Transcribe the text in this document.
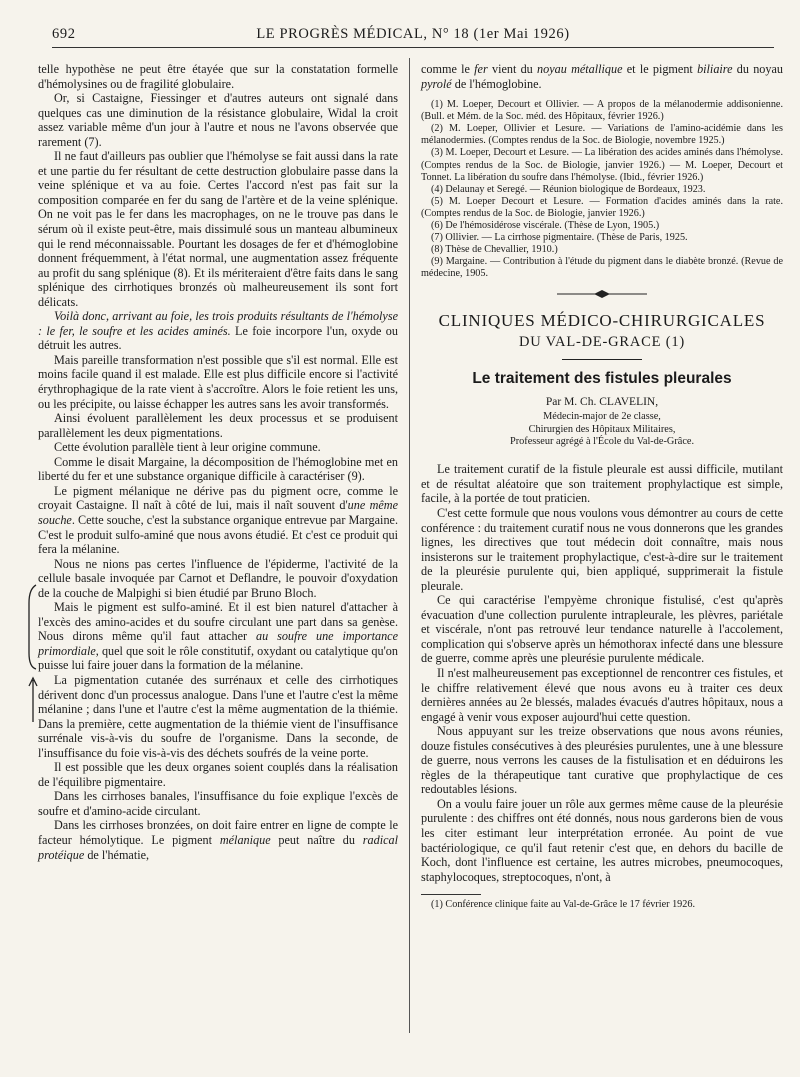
692	LE PROGRÈS MÉDICAL, N° 18 (1er Mai 1926)

telle hypothèse ne peut être étayée que sur la constatation formelle d'hémolysines ou de fragilité globulaire.

Or, si Castaigne, Fiessinger et d'autres auteurs ont signalé dans quelques cas une diminution de la résistance globulaire, Widal la croit assez variable même d'un jour à l'autre et nous ne l'avons observée que rarement (7).

Il ne faut d'ailleurs pas oublier que l'hémolyse se fait aussi dans la rate et une partie du fer résultant de cette destruction globulaire passe dans la veine splénique et va au foie. Certes l'accord n'est pas fait sur la composition comparée en fer du sang de l'artère et de la veine splénique. On ne voit pas le fer dans les macrophages, on ne le trouve pas dans le sérum où il existe peut-être, mais dissimulé sous un manteau albumineux qui le rend méconnaissable. Pourtant les dosages de fer et d'hémoglobine donnent fréquemment, à l'état normal, une augmentation assez fréquente au profit du sang splénique (8). Et ils mériteraient d'être faits dans le sang splénique des cirrhotiques bronzés où malheureusement ils sont fort délicats.

Voilà donc, arrivant au foie, les trois produits résultants de l'hémolyse : le fer, le soufre et les acides aminés. Le foie incorpore l'un, oxyde ou détruit les autres.

Mais pareille transformation n'est possible que s'il est normal. Elle est moins facile quand il est malade. Elle est plus difficile encore si l'activité érythrophagique de la rate vient à s'accroître. Alors le foie retient les uns, ou les précipite, ou laisse échapper les autres sans les avoir transformés.

Ainsi évoluent parallèlement les deux processus et se produisent parallèlement les deux pigmentations.

Cette évolution parallèle tient à leur origine commune.

Comme le disait Margaine, la décomposition de l'hémoglobine met en liberté du fer et une substance organique difficile à caractériser (9).

Le pigment mélanique ne dérive pas du pigment ocre, comme le croyait Castaigne. Il naît à côté de lui, mais il naît souvent d'une même souche. Cette souche, c'est la substance organique entrevue par Margaine. C'est le produit sulfo-aminé que nous avons étudié. Et c'est ce produit qui fera la mélanine.

Nous ne nions pas certes l'influence de l'épiderme, l'activité de la cellule basale invoquée par Carnot et Deflandre, le pouvoir d'oxydation de la couche de Malpighi si bien étudié par Bruno Bloch.

Mais le pigment est sulfo-aminé. Et il est bien naturel d'attacher à l'excès des amino-acides et du soufre circulant une part dans sa genèse. Nous dirons même qu'il faut attacher au soufre une importance primordiale, quel que soit le rôle constitutif, oxydant ou catalytique qu'on puisse lui faire jouer dans la formation de la mélanine.

La pigmentation cutanée des surrénaux et celle des cirrhotiques dérivent donc d'un processus analogue. Dans l'une et l'autre c'est la même mélanine ; dans l'une et l'autre c'est la même augmentation de la thiémie. Dans la première, cette augmentation de la thiémie vient de l'insuffisance surrénale vis-à-vis du soufre de l'organisme. Dans la seconde, de l'insuffisance du foie vis-à-vis des déchets soufrés de la veine porte.

Il est possible que les deux organes soient couplés dans la réalisation de l'équilibre pigmentaire.

Dans les cirrhoses banales, l'insuffisance du foie explique l'excès de soufre et d'amino-acide circulant.

Dans les cirrhoses bronzées, on doit faire entrer en ligne de compte le facteur hémolytique. Le pigment mélanique peut naître du radical protéique de l'hématie,

comme le fer vient du noyau métallique et le pigment biliaire du noyau pyrolé de l'hémoglobine.

(1) M. Loeper, Decourt et Ollivier. — A propos de la mélanodermie addisonienne. (Bull. et Mém. de la Soc. méd. des Hôpitaux, février 1926.)

(2) M. Loeper, Ollivier et Lesure. — Variations de l'amino-acidémie dans les mélanodermies. (Comptes rendus de la Soc. de Biologie, novembre 1925.)

(3) M. Loeper, Decourt et Lesure. — La libération des acides aminés dans l'hémolyse. (Comptes rendus de la Soc. de Biologie, janvier 1926.) — M. Loeper, Decourt et Tonnet. La libération du soufre dans l'hémolyse. (Ibid., février 1926.)

(4) Delaunay et Seregé. — Réunion biologique de Bordeaux, 1923.

(5) M. Loeper Decourt et Lesure. — Formation d'acides aminés dans la rate. (Comptes rendus de la Soc. de Biologie, janvier 1926.)

(6) De l'hémosidérose viscérale. (Thèse de Lyon, 1905.)

(7) Ollivier. — La cirrhose pigmentaire. (Thèse de Paris, 1925.

(8) Thèse de Chevallier, 1910.)

(9) Margaine. — Contribution à l'étude du pigment dans le diabète bronzé. (Revue de médecine, 1905.

CLINIQUES MÉDICO-CHIRURGICALES
DU VAL-DE-GRACE (1)
Le traitement des fistules pleurales
Par M. Ch. CLAVELIN,
Médecin-major de 2e classe,
Chirurgien des Hôpitaux Militaires,
Professeur agrégé à l'École du Val-de-Grâce.

Le traitement curatif de la fistule pleurale est aussi difficile, mutilant et de résultat aléatoire que son traitement prophylactique est simple, facile, à la portée de tout praticien.

C'est cette formule que nous voulons vous démontrer au cours de cette conférence : du traitement curatif nous ne vous donnerons que les grandes lignes, les directives que tout médecin doit connaître, mais nous insisterons sur le traitement prophylactique, c'est-à-dire sur le traitement de la pleurésie purulente qui, bien appliqué, supprimerait la fistule pleurale.

Ce qui caractérise l'empyème chronique fistulisé, c'est qu'après évacuation d'une collection purulente intrapleurale, les plèvres, pariétale et viscérale, n'ont pas retrouvé leur tendance naturelle à l'accolement, complication qui s'observe après un hémothorax infecté dans une blessure de guerre, comme après une pleurésie purulente médicale.

Il n'est malheureusement pas exceptionnel de rencontrer ces fistules, et le chiffre relativement élevé que nous avons eu à traiter ces deux dernières années au 2e blessés, malades évacués d'autres hôpitaux, nous a engagé à venir vous exposer aujourd'hui cette question.

Nous appuyant sur les treize observations que nous avons réunies, douze fistules consécutives à des pleurésies purulentes, une à une blessure de guerre, nous verrons les causes de la fistulisation et en déduirons les règles de la thérapeutique tant curative que prophylactique de ces redoutables lésions.

On a voulu faire jouer un rôle aux germes même cause de la pleurésie purulente : des chiffres ont été donnés, nous nous garderons bien de vous les citer estimant leur interprétation erronée. Au point de vue bactériologique, ce qu'il faut retenir c'est que, en dehors du bacille de Koch, dont l'influence est certaine, les autres microbes, pneumocoques, staphylocoques, streptocoques, n'ont, à

(1) Conférence clinique faite au Val-de-Grâce le 17 février 1926.
